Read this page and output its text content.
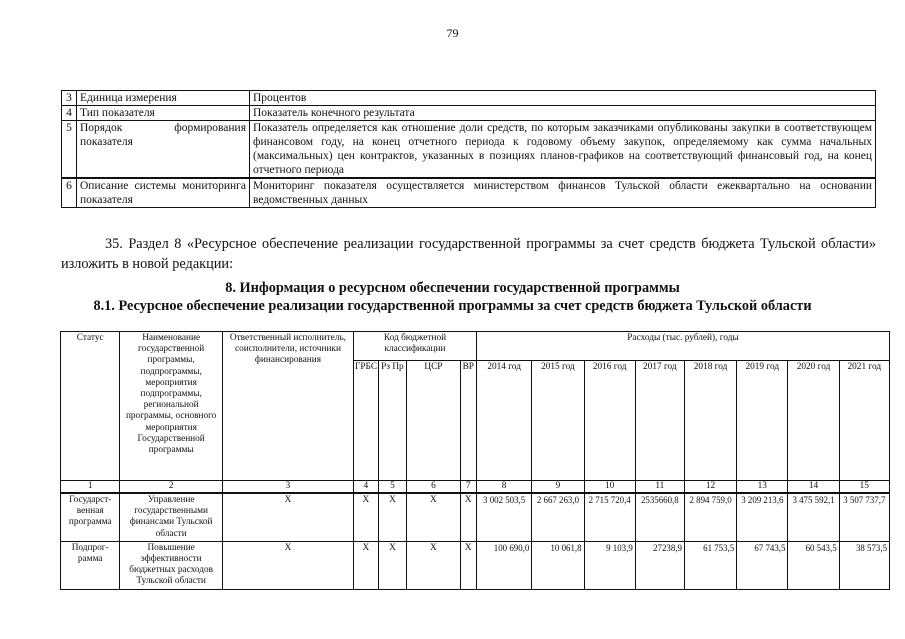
79
3	Единица измерения	Процентов
4	Тип показателя	Показатель конечного результата
5	Порядок формирования показателя	Показатель определяется как отношение доли средств, по которым заказчиками опубликованы закупки в соответствующем финансовом году, на конец отчетного периода к годовому объему закупок, определяемому как сумма начальных (максимальных) цен контрактов, указанных в позициях планов-графиков на соответствующий финансовый год, на конец отчетного периода
6	Описание системы мониторинга показателя	Мониторинг показателя осуществляется министерством финансов Тульской области ежеквартально на основании ведомственных данных
35. Раздел 8 «Ресурсное обеспечение реализации государственной программы за счет средств бюджета Тульской области» изложить в новой редакции:
8. Информация о ресурсном обеспечении государственной программы
8.1. Ресурсное обеспечение реализации государственной программы за счет средств бюджета Тульской области
Статус	Наименование государственной программы, подпрограммы, мероприятия подпрограммы, региональной программы, основного мероприятия Государственной программы	Ответственный исполнитель, соисполнители, источники финансирования	Код бюджетной классификации				Расходы (тыс. рублей), годы							
			ГРБС	Рз Пр	ЦСР	ВР	2014 год	2015 год	2016 год	2017 год	2018 год	2019 год	2020 год	2021 год
1	2	3	4	5	6	7	8	9	10	11	12	13	14	15
Государст-венная программа	Управление государственными финансами Тульской области	X	X	X	X	X	3 002 503,5	2 667 263,0	2 715 720,4	2535660,8	2 894 759,0	3 209 213,6	3 475 592,1	3 507 737,7
Подпрог-рамма	Повышение эффективности бюджетных расходов Тульской области	X	X	X	X	X	100 690,0	10 061,8	9 103,9	27238,9	61 753,5	67 743,5	60 543,5	38 573,5
